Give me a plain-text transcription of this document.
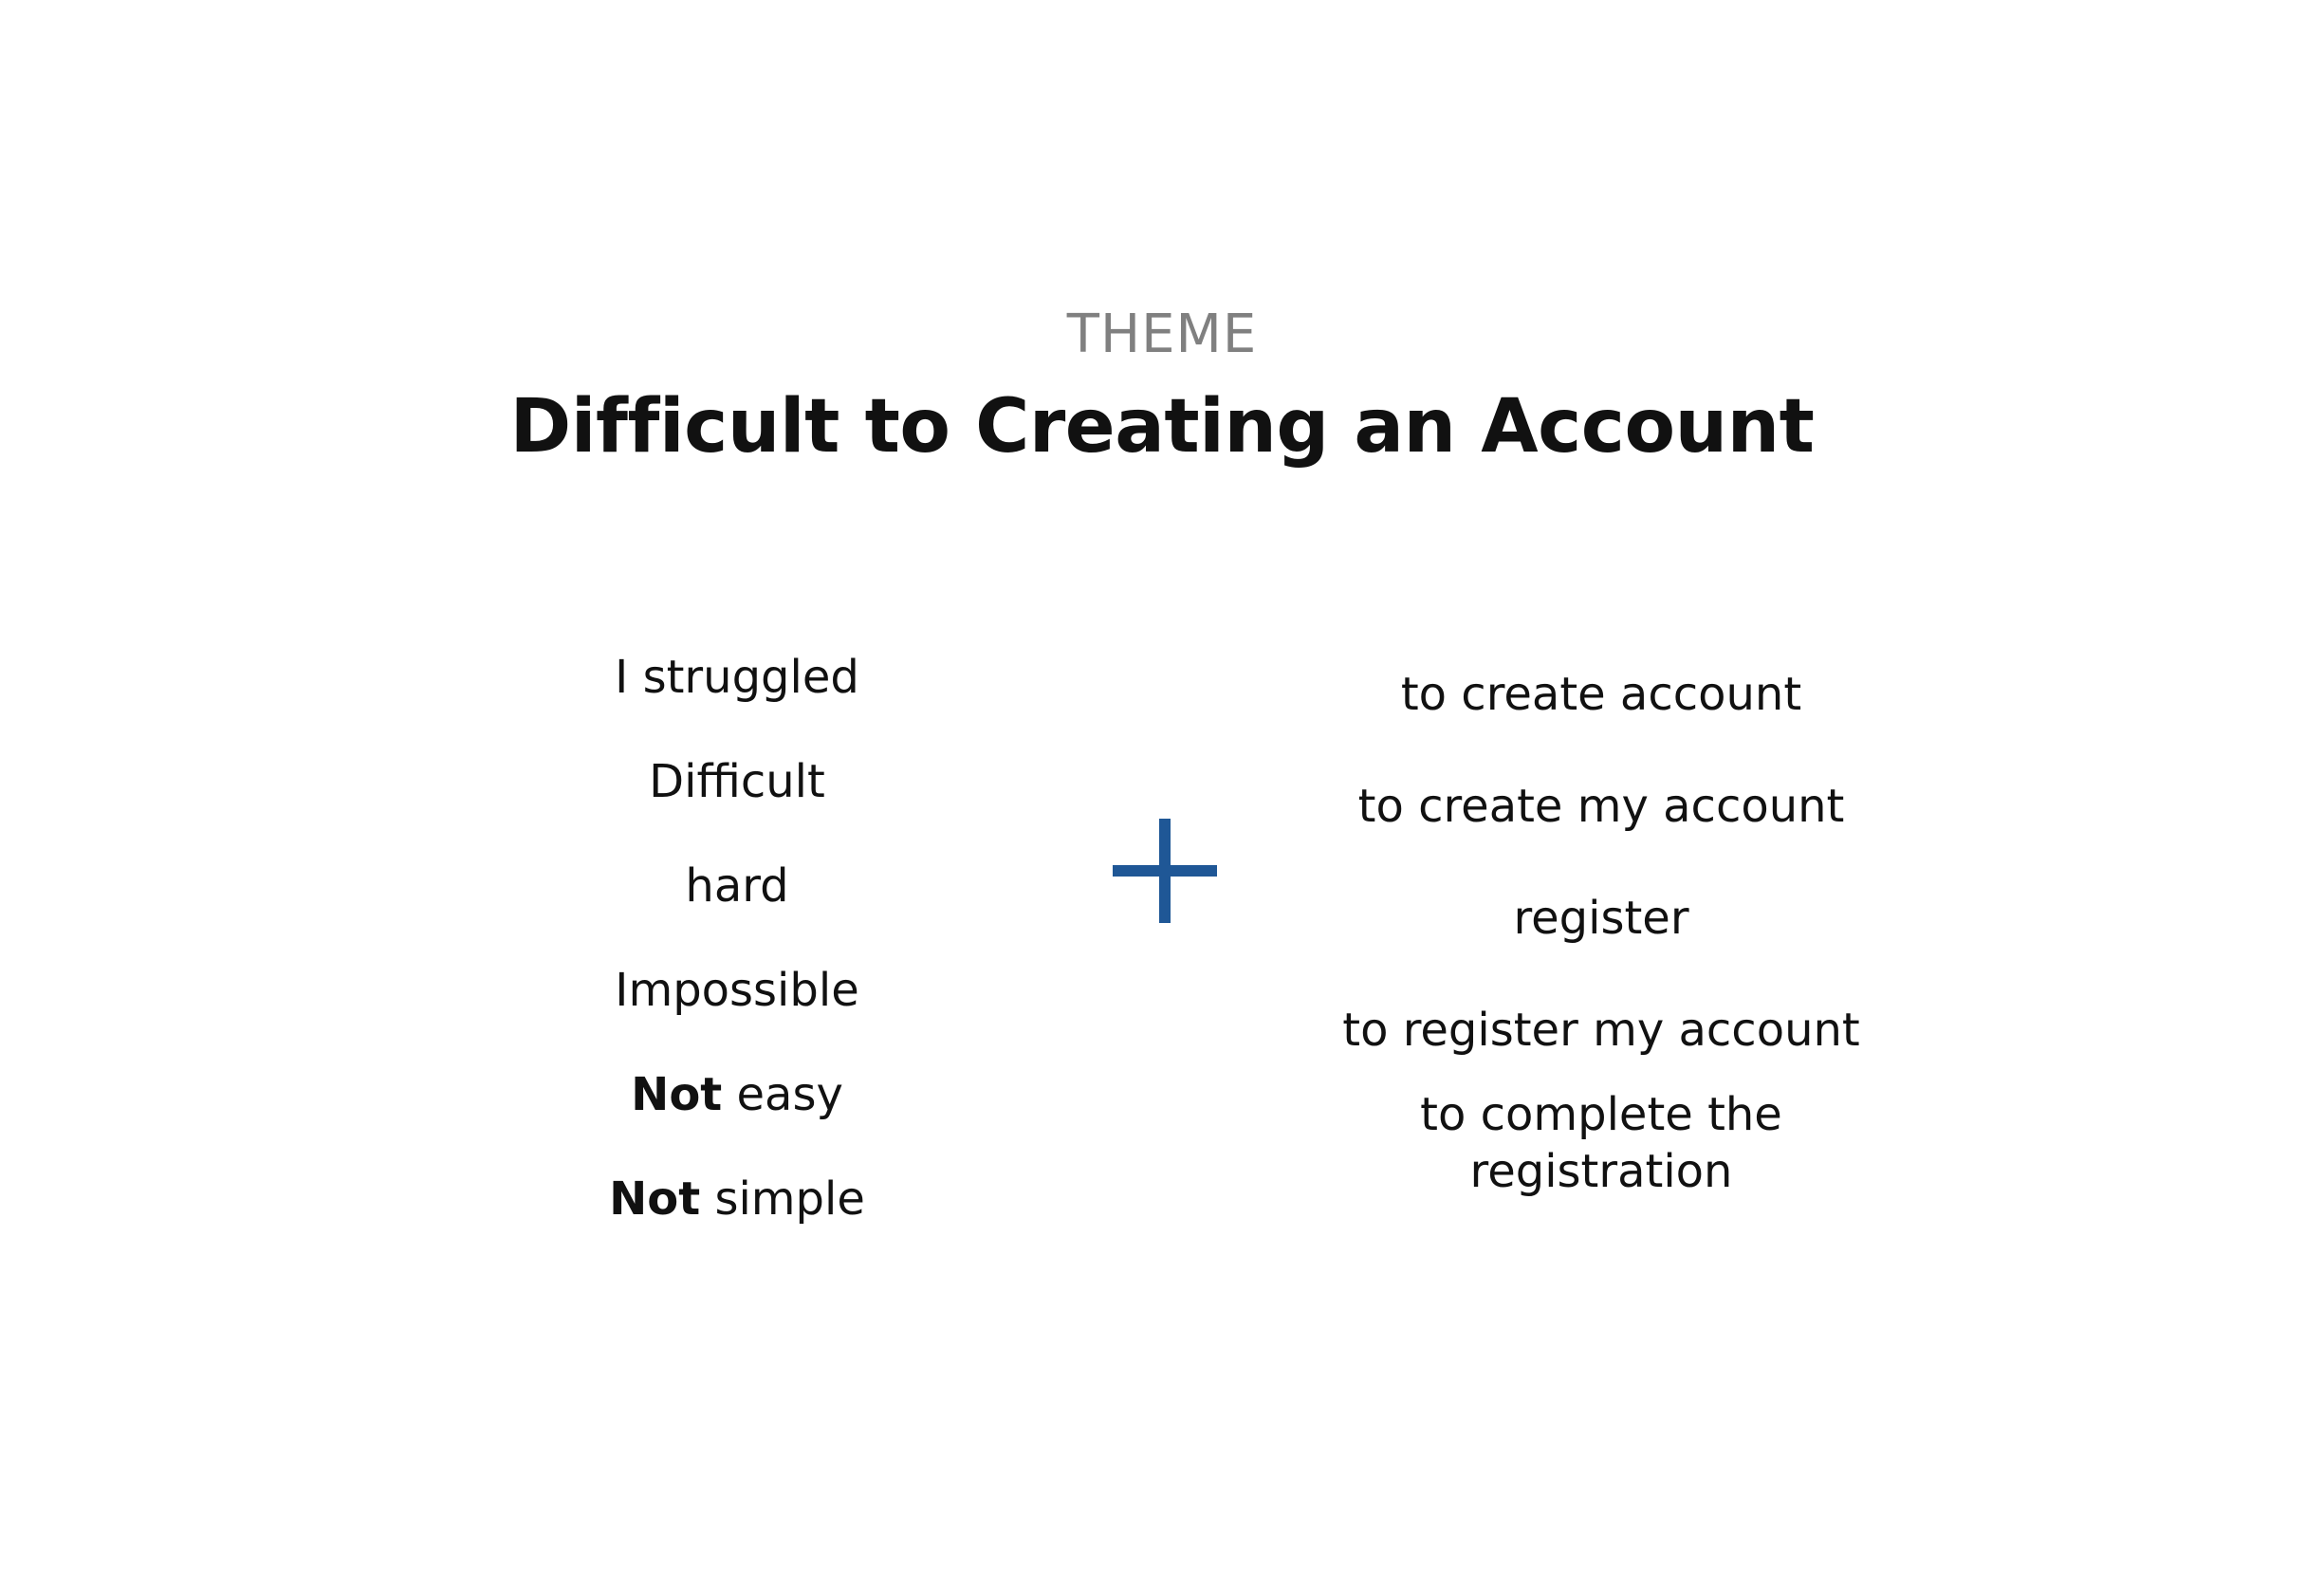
THEME
Difficult to Creating an Account
I struggled
Difficult
hard
Impossible
Not easy
Not simple
to create account
to create my account
register
to register my account
to complete the registration
